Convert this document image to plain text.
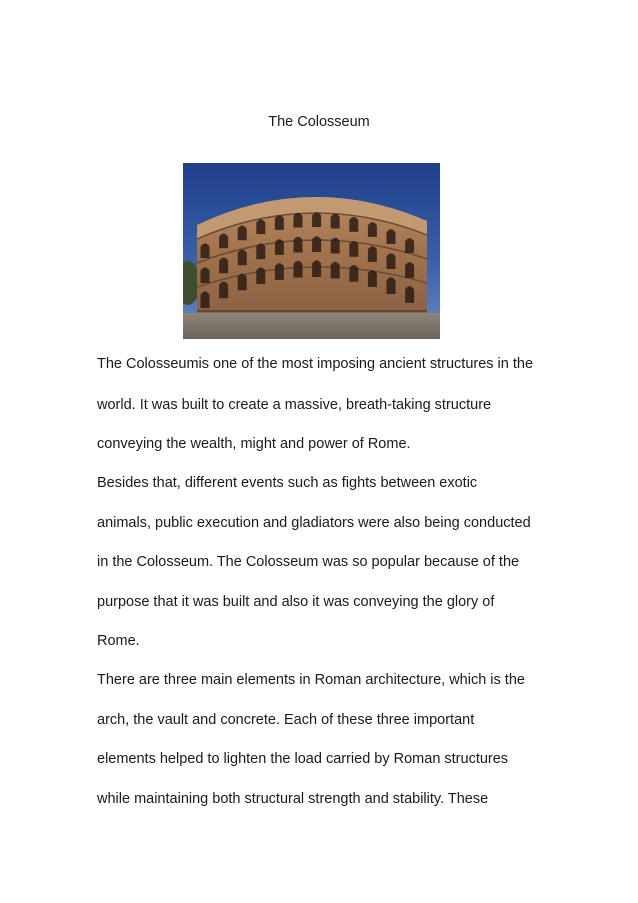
The Colosseum
The Colosseumis one of the most imposing ancient structures in the
world. It was built to create a massive, breath-taking structure
conveying the wealth, might and power of Rome.
Besides that, different events such as fights between exotic
animals, public execution and gladiators were also being conducted
in the Colosseum. The Colosseum was so popular because of the
purpose that it was built and also it was conveying the glory of
Rome.
There are three main elements in Roman architecture, which is the
arch, the vault and concrete. Each of these three important
elements helped to lighten the load carried by Roman structures
while maintaining both structural strength and stability. These
